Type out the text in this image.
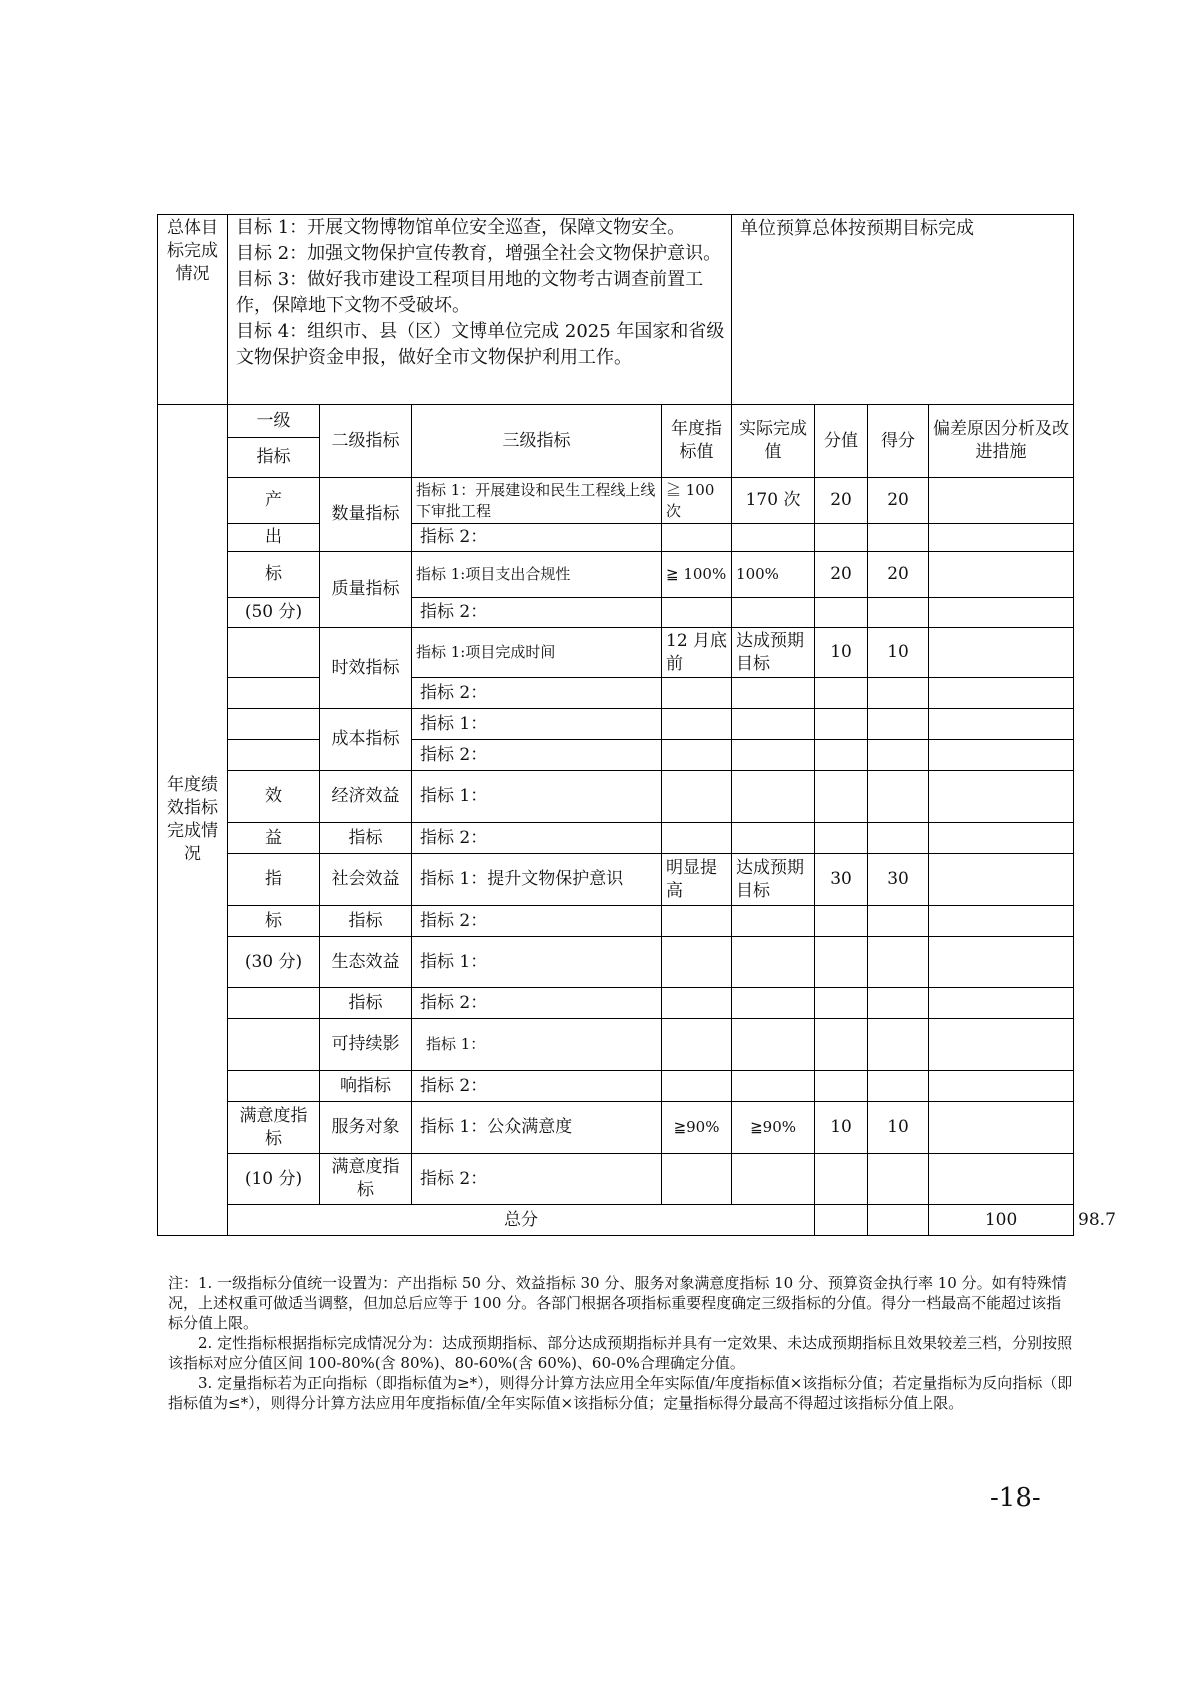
总体目标完成情况	目标 1：开展文物博物馆单位安全巡查，保障文物安全。

目标 2：加强文物保护宣传教育，增强全社会文物保护意识。

目标 3：做好我市建设工程项目用地的文物考古调查前置工作，保障地下文物不受破坏。

目标 4：组织市、县（区）文博单位完成 2025 年国家和省级文物保护资金申报，做好全市文物保护利用工作。				单位预算总体按预期目标完成				
年度绩效指标完成情况	一级	二级指标	三级指标	年度指标值	实际完成值	分值	得分	偏差原因分析及改进措施	
	指标								
	产	数量指标	指标 1：开展建设和民生工程线上线下审批工程	≧ 100 次	170 次	20	20		
	出		指标 2：						
	标	质量指标	指标 1:项目支出合规性	≧ 100%	100%	20	20		
	(50 分)		指标 2：						
		时效指标	指标 1:项目完成时间	12 月底前	达成预期目标	10	10		
			指标 2：						
		成本指标	指标 1：						
			指标 2：						
	效	经济效益	指标 1：						
	益	指标	指标 2：						
	指	社会效益	指标 1：提升文物保护意识	明显提高	达成预期目标	30	30		
	标	指标	指标 2：						
	(30 分)	生态效益	指标 1：						
		指标	指标 2：						
		可持续影	指标 1：						
		响指标	指标 2：						
	满意度指标	服务对象	指标 1：公众满意度	≧90%	≧90%	10	10		
	(10 分)	满意度指标	指标 2：						
	总分							100	98.7	

注：1. 一级指标分值统一设置为：产出指标 50 分、效益指标 30 分、服务对象满意度指标 10 分、预算资金执行率 10 分。如有特殊情况，上述权重可做适当调整，但加总后应等于 100 分。各部门根据各项指标重要程度确定三级指标的分值。得分一档最高不能超过该指标分值上限。

2. 定性指标根据指标完成情况分为：达成预期指标、部分达成预期指标并具有一定效果、未达成预期指标且效果较差三档，分别按照该指标对应分值区间 100-80%(含 80%)、80-60%(含 60%)、60-0%合理确定分值。

3. 定量指标若为正向指标（即指标值为≥*），则得分计算方法应用全年实际值/年度指标值×该指标分值；若定量指标为反向指标（即指标值为≤*），则得分计算方法应用年度指标值/全年实际值×该指标分值；定量指标得分最高不得超过该指标分值上限。

-18-
